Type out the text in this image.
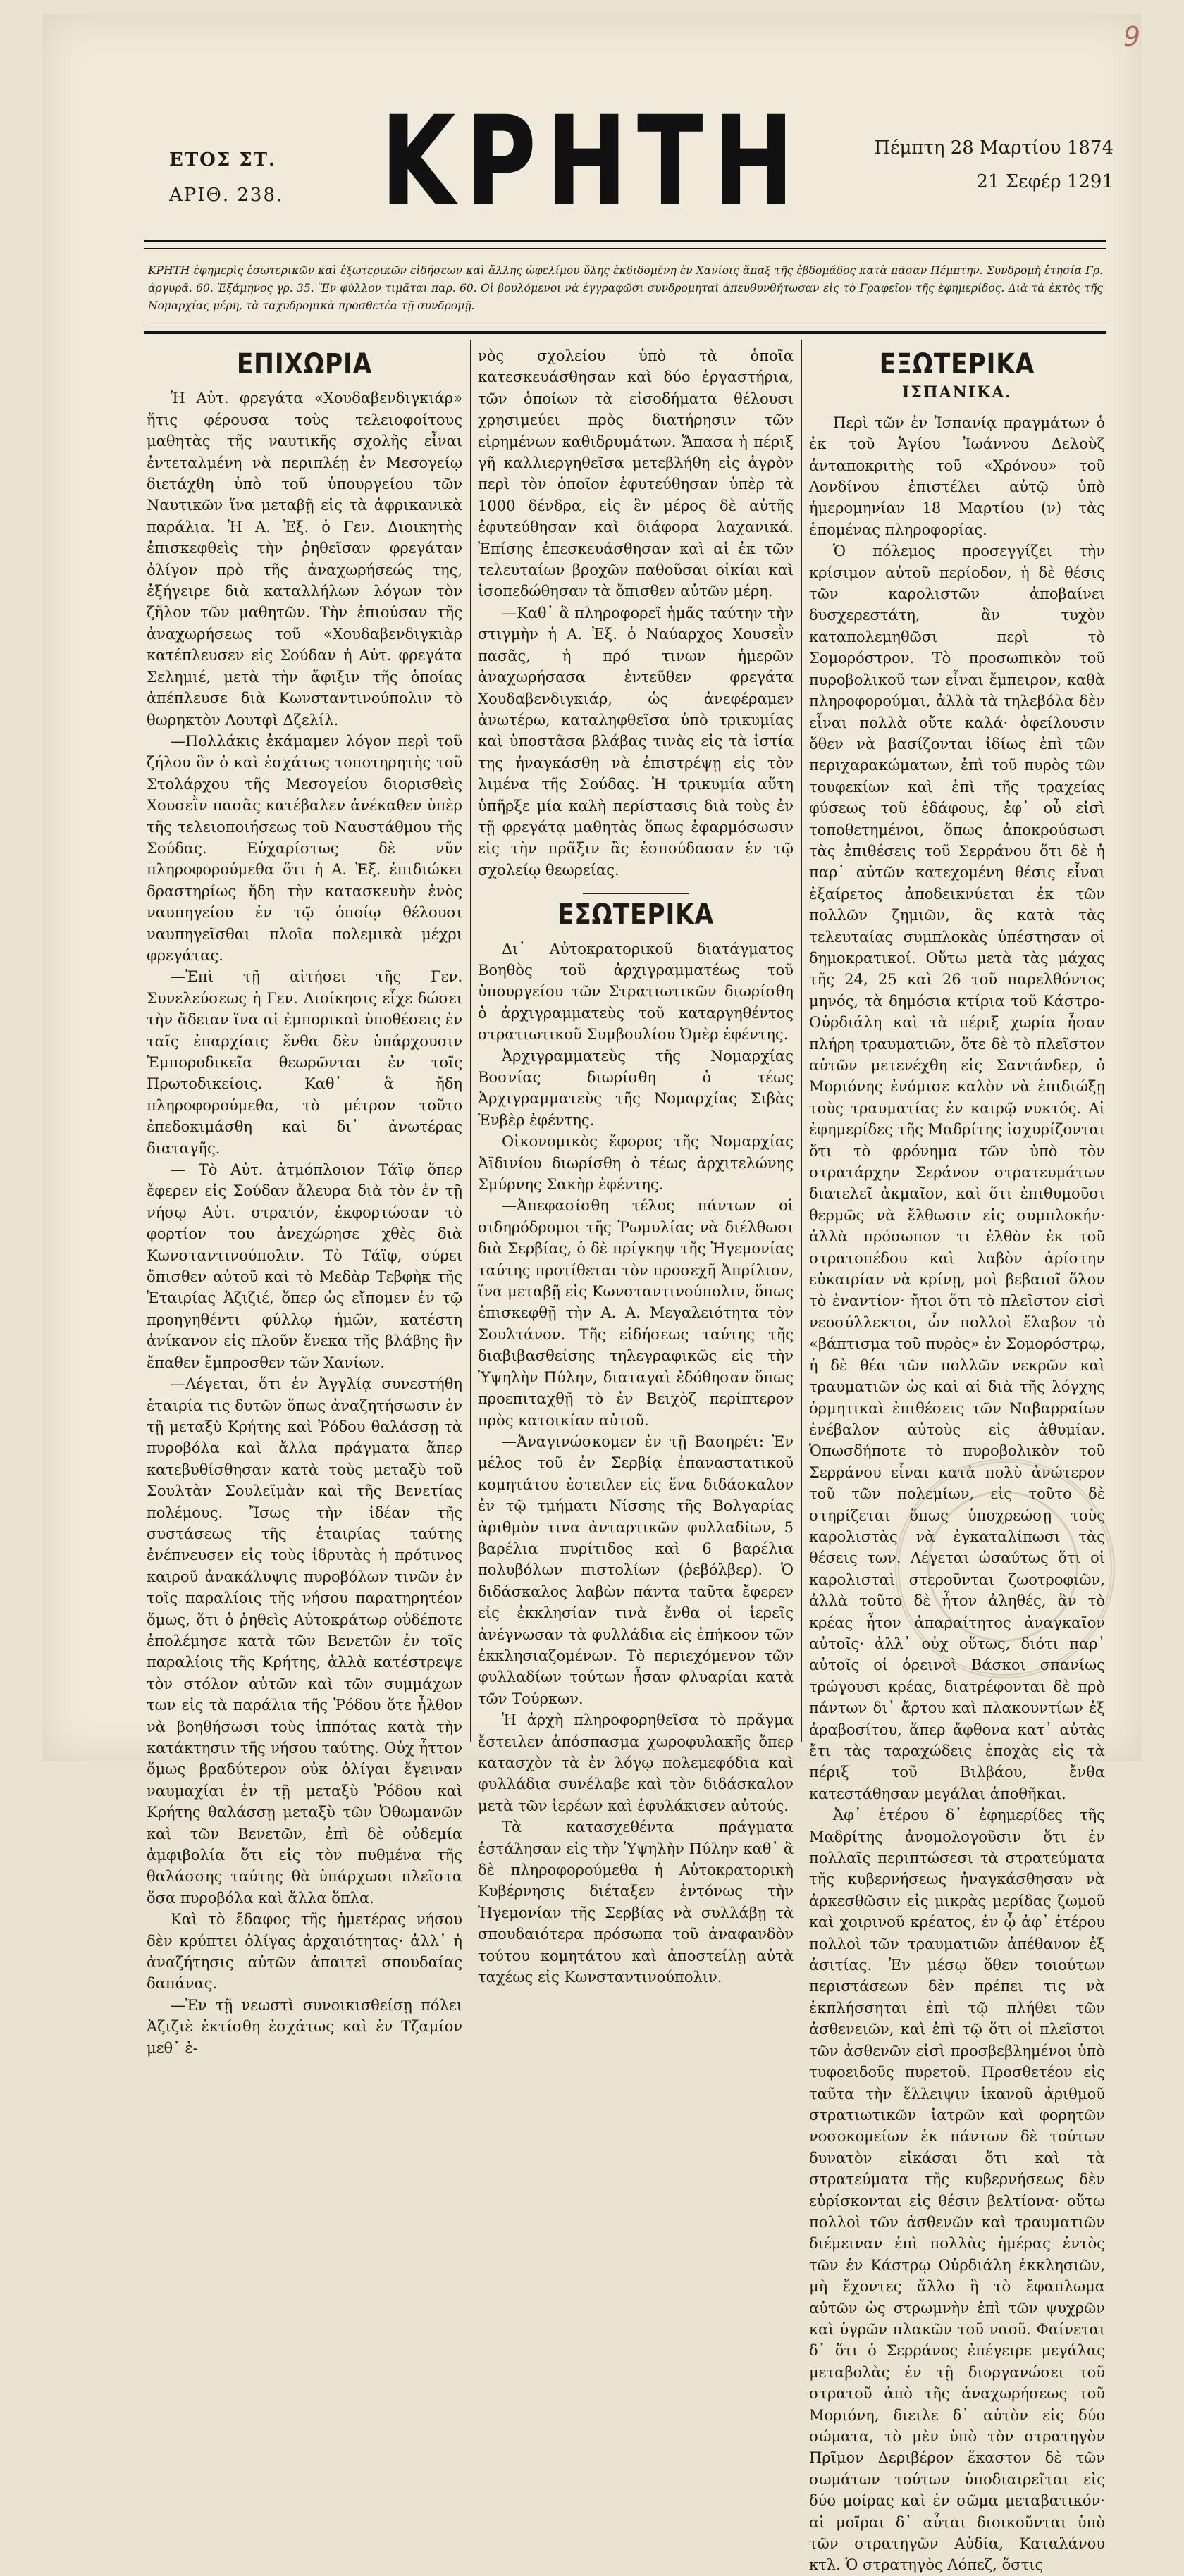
9
ΕΤΟΣ ΣΤ.
ΑΡΙΘ. 238. ΚΡΗΤΗ	Πέμπτη 28 Μαρτίου 1874
21 Σεφέρ 1291
ΚΡΗΤΗ ἐφημερὶς ἐσωτερικῶν καὶ ἐξωτερικῶν εἰδήσεων καὶ ἄλλης ὠφελίμου ὕλης ἐκδιδομένη ἐν Χανίοις ἅπαξ τῆς ἑβδομάδος κατὰ πᾶσαν Πέμπτην. Συνδρομὴ ἐτησία Γρ. ἀργυρᾶ. 60. Ἐξάμηνος γρ. 35. Ἓν φύλλον τιμᾶται παρ. 60. Οἱ βουλόμενοι νὰ ἐγγραφῶσι συνδρομηταὶ ἀπευθυνθήτωσαν εἰς τὸ Γραφεῖον τῆς ἐφημερίδος. Διὰ τὰ ἐκτὸς τῆς Νομαρχίας μέρη, τὰ ταχυδρομικὰ προσθετέα τῇ συνδρομῇ.
ΕΠΙΧΩΡΙΑ

Ἡ Αὐτ. φρεγάτα «Χουδαβενδιγκιάρ» ἥτις φέρουσα τοὺς τελειοφοίτους μαθητὰς τῆς ναυτικῆς σχολῆς εἶναι ἐντεταλμένη νὰ περιπλέῃ ἐν Μεσογείῳ διετάχθη ὑπὸ τοῦ ὑπουργείου τῶν Ναυτικῶν ἵνα μεταβῇ εἰς τὰ ἀφρικανικὰ παράλια. Ἡ Α. Ἐξ. ὁ Γεν. Διοικητὴς ἐπισκεφθεὶς τὴν ῥηθεῖσαν φρεγάταν ὀλίγον πρὸ τῆς ἀναχωρήσεώς της, ἐξήγειρε διὰ καταλλήλων λόγων τὸν ζῆλον τῶν μαθητῶν. Τὴν ἐπιούσαν τῆς ἀναχωρήσεως τοῦ «Χουδαβενδιγκιὰρ κατέπλευσεν εἰς Σούδαν ἡ Αὐτ. φρεγάτα Σελημιέ, μετὰ τὴν ἄφιξιν τῆς ὁποίας ἀπέπλευσε διὰ Κωνσταντινούπολιν τὸ θωρηκτὸν Λουτφὶ Δζελίλ.

—Πολλάκις ἐκάμαμεν λόγον περὶ τοῦ ζήλου ὃν ὁ καὶ ἐσχάτως τοποτηρητὴς τοῦ Στολάρχου τῆς Μεσογείου διορισθεὶς Χουσεῒν πασᾶς κατέβαλεν ἀνέκαθεν ὑπὲρ τῆς τελειοποιήσεως τοῦ Ναυστάθμου τῆς Σούδας. Εὐχαρίστως δὲ νῦν πληροφορούμεθα ὅτι ἡ Α. Ἐξ. ἐπιδιώκει δραστηρίως ἤδη τὴν κατασκευὴν ἑνὸς ναυπηγείου ἐν τῷ ὁποίῳ θέλουσι ναυπηγεῖσθαι πλοῖα πολεμικὰ μέχρι φρεγάτας.

—Ἐπὶ τῇ αἰτήσει τῆς Γεν. Συνελεύσεως ἡ Γεν. Διοίκησις εἶχε δώσει τὴν ἄδειαν ἵνα αἱ ἐμπορικαὶ ὑποθέσεις ἐν ταῖς ἐπαρχίαις ἔνθα δὲν ὑπάρχουσιν Ἐμποροδικεῖα θεωρῶνται ἐν τοῖς Πρωτοδικείοις. Καθ᾽ ἃ ἤδη πληροφορούμεθα, τὸ μέτρον τοῦτο ἐπεδοκιμάσθη καὶ δι᾽ ἀνωτέρας διαταγῆς.

— Τὸ Αὐτ. ἀτμόπλοιον Τάϊφ ὅπερ ἔφερεν εἰς Σούδαν ἄλευρα διὰ τὸν ἐν τῇ νήσῳ Αὐτ. στρατόν, ἐκφορτώσαν τὸ φορτίον του ἀνεχώρησε χθὲς διὰ Κωνσταντινούπολιν. Τὸ Τάϊφ, σύρει ὄπισθεν αὐτοῦ καὶ τὸ Μεδὰρ Τεβφὴκ τῆς Ἑταιρίας Ἀζιζιέ, ὅπερ ὡς εἴπομεν ἐν τῷ προηγηθέντι φύλλῳ ἡμῶν, κατέστη ἀνίκανον εἰς πλοῦν ἕνεκα τῆς βλάβης ἣν ἔπαθεν ἔμπροσθεν τῶν Χανίων.

—Λέγεται, ὅτι ἐν Ἀγγλίᾳ συνεστήθη ἑταιρία τις δυτῶν ὅπως ἀναζητήσωσιν ἐν τῇ μεταξὺ Κρήτης καὶ Ῥόδου θαλάσσῃ τὰ πυροβόλα καὶ ἄλλα πράγματα ἅπερ κατεβυθίσθησαν κατὰ τοὺς μεταξὺ τοῦ Σουλτὰν Σουλεϊμὰν καὶ τῆς Βενετίας πολέμους. Ἴσως τὴν ἰδέαν τῆς συστάσεως τῆς ἑταιρίας ταύτης ἐνέπνευσεν εἰς τοὺς ἱδρυτὰς ἡ πρότινος καιροῦ ἀνακάλυψις πυροβόλων τινῶν ἐν τοῖς παραλίοις τῆς νήσου παρατηρητέον ὅμως, ὅτι ὁ ῥηθεὶς Αὐτοκράτωρ οὐδέποτε ἐπολέμησε κατὰ τῶν Βενετῶν ἐν τοῖς παραλίοις τῆς Κρήτης, ἀλλὰ κατέστρεψε τὸν στόλον αὐτῶν καὶ τῶν συμμάχων των εἰς τὰ παράλια τῆς Ῥόδου ὅτε ἦλθον νὰ βοηθήσωσι τοὺς ἱππότας κατὰ τὴν κατάκτησιν τῆς νήσου ταύτης. Οὐχ ἧττον ὅμως βραδύτερον οὐκ ὀλίγαι ἔγειναν ναυμαχίαι ἐν τῇ μεταξὺ Ῥόδου καὶ Κρήτης θαλάσσῃ μεταξὺ τῶν Ὀθωμανῶν καὶ τῶν Βενετῶν, ἐπὶ δὲ οὐδεμία ἀμφιβολία ὅτι εἰς τὸν πυθμένα τῆς θαλάσσης ταύτης θὰ ὑπάρχωσι πλεῖστα ὅσα πυροβόλα καὶ ἄλλα ὅπλα.

Καὶ τὸ ἔδαφος τῆς ἡμετέρας νήσου δὲν κρύπτει ὀλίγας ἀρχαιότητας· ἀλλ᾽ ἡ ἀναζήτησις αὐτῶν ἀπαιτεῖ σπουδαίας δαπάνας.

—Ἐν τῇ νεωστὶ συνοικισθείσῃ πόλει Ἀζιζιὲ ἐκτίσθη ἐσχάτως καὶ ἐν Τζαμίον μεθ᾽ ἑ-

νὸς σχολείου ὑπὸ τὰ ὁποῖα κατεσκευάσθησαν καὶ δύο ἐργαστήρια, τῶν ὁποίων τὰ εἰσοδήματα θέλουσι χρησιμεύει πρὸς διατήρησιν τῶν εἰρημένων καθιδρυμάτων. Ἅπασα ἡ πέριξ γῆ καλλιεργηθεῖσα μετεβλήθη εἰς ἀγρὸν περὶ τὸν ὁποῖον ἐφυτεύθησαν ὑπὲρ τὰ 1000 δένδρα, εἰς ἓν μέρος δὲ αὐτῆς ἐφυτεύθησαν καὶ διάφορα λαχανικά. Ἐπίσης ἐπεσκευάσθησαν καὶ αἱ ἐκ τῶν τελευταίων βροχῶν παθοῦσαι οἰκίαι καὶ ἰσοπεδώθησαν τὰ ὄπισθεν αὐτῶν μέρη.

—Καθ᾽ ἃ πληροφορεῖ ἡμᾶς ταύτην τὴν στιγμὴν ἡ Α. Ἐξ. ὁ Ναύαρχος Χουσεῒν πασᾶς, ἡ πρό τινων ἡμερῶν ἀναχωρήσασα ἐντεῦθεν φρεγάτα Χουδαβενδιγκιάρ, ὡς ἀνεφέραμεν ἀνωτέρω, καταληφθεῖσα ὑπὸ τρικυμίας καὶ ὑποστᾶσα βλάβας τινὰς εἰς τὰ ἱστία της ἠναγκάσθη νὰ ἐπιστρέψῃ εἰς τὸν λιμένα τῆς Σούδας. Ἡ τρικυμία αὕτη ὑπῆρξε μία καλὴ περίστασις διὰ τοὺς ἐν τῇ φρεγάτᾳ μαθητὰς ὅπως ἐφαρμόσωσιν εἰς τὴν πρᾶξιν ἃς ἐσπούδασαν ἐν τῷ σχολείῳ θεωρείας.

ΕΣΩΤΕΡΙΚΑ

Δι᾽ Αὐτοκρατορικοῦ διατάγματος Βοηθὸς τοῦ ἀρχιγραμματέως τοῦ ὑπουργείου τῶν Στρατιωτικῶν διωρίσθη ὁ ἀρχιγραμματεὺς τοῦ καταργηθέντος στρατιωτικοῦ Συμβουλίου Ὀμὲρ ἐφέντης.

Ἀρχιγραμματεὺς τῆς Νομαρχίας Βοσνίας διωρίσθη ὁ τέως Ἀρχιγραμματεὺς τῆς Νομαρχίας Σιβὰς Ἐνβὲρ ἐφέντης.

Οἰκονομικὸς ἔφορος τῆς Νομαρχίας Ἀϊδινίου διωρίσθη ὁ τέως ἀρχιτελώνης Σμύρνης Σακὴρ ἐφέντης.

—Ἀπεφασίσθη τέλος πάντων οἱ σιδηρόδρομοι τῆς Ῥωμυλίας νὰ διέλθωσι διὰ Σερβίας, ὁ δὲ πρίγκηψ τῆς Ἡγεμονίας ταύτης προτίθεται τὸν προσεχῆ Ἀπρίλιον, ἵνα μεταβῇ εἰς Κωνσταντινούπολιν, ὅπως ἐπισκεφθῇ τὴν Α. Α. Μεγαλειότητα τὸν Σουλτάνον. Τῆς εἰδήσεως ταύτης τῆς διαβιβασθείσης τηλεγραφικῶς εἰς τὴν Ὑψηλὴν Πύλην, διαταγαὶ ἐδόθησαν ὅπως προεπιταχθῇ τὸ ἐν Βειχὸζ περίπτερον πρὸς κατοικίαν αὐτοῦ.

—Ἀναγινώσκομεν ἐν τῇ Βασηρέτ: Ἐν μέλος τοῦ ἐν Σερβίᾳ ἐπαναστατικοῦ κομητάτου ἐστειλεν εἰς ἕνα διδάσκαλον ἐν τῷ τμήματι Νίσσης τῆς Βολγαρίας ἀριθμὸν τινα ἀνταρτικῶν φυλλαδίων, 5 βαρέλια πυρίτιδος καὶ 6 βαρέλια πολυβόλων πιστολίων (ῥεβόλβερ). Ὁ διδάσκαλος λαβὼν πάντα ταῦτα ἔφερεν εἰς ἐκκλησίαν τινὰ ἔνθα οἱ ἱερεῖς ἀνέγνωσαν τὰ φυλλάδια εἰς ἐπήκοον τῶν ἐκκλησιαζομένων. Τὸ περιεχόμενον τῶν φυλλαδίων τούτων ἦσαν φλυαρίαι κατὰ τῶν Τούρκων.

Ἡ ἀρχὴ πληροφορηθεῖσα τὸ πρᾶγμα ἔστειλεν ἀπόσπασμα χωροφυλακῆς ὅπερ κατασχὸν τὰ ἐν λόγῳ πολεμεφόδια καὶ φυλλάδια συνέλαβε καὶ τὸν διδάσκαλον μετὰ τῶν ἱερέων καὶ ἐφυλάκισεν αὐτούς.

Τὰ κατασχεθέντα πράγματα ἐστάλησαν εἰς τὴν Ὑψηλὴν Πύλην καθ᾽ ἃ δὲ πληροφορούμεθα ἡ Αὐτοκρατορικὴ Κυβέρνησις διέταξεν ἐντόνως τὴν Ἡγεμονίαν τῆς Σερβίας νὰ συλλάβῃ τὰ σπουδαιότερα πρόσωπα τοῦ ἀναφανδὸν τούτου κομητάτου καὶ ἀποστείλῃ αὐτὰ ταχέως εἰς Κωνσταντινούπολιν.

ΕΞΩΤΕΡΙΚΑ
ΙΣΠΑΝΙΚΑ.

Περὶ τῶν ἐν Ἰσπανίᾳ πραγμάτων ὁ ἐκ τοῦ Ἁγίου Ἰωάννου Δελοὺζ ἀνταποκριτὴς τοῦ «Χρόνου» τοῦ Λονδίνου ἐπιστέλει αὐτῷ ὑπὸ ἡμερομηνίαν 18 Μαρτίου (ν) τὰς ἑπομένας πληροφορίας.

Ὁ πόλεμος προσεγγίζει τὴν κρίσιμον αὐτοῦ περίοδον, ἡ δὲ θέσις τῶν καρολιστῶν ἀποβαίνει δυσχερεστάτη, ἂν τυχὸν καταπολεμηθῶσι περὶ τὸ Σομορόστρον. Τὸ προσωπικὸν τοῦ πυροβολικοῦ των εἶναι ἔμπειρον, καθὰ πληροφορούμαι, ἀλλὰ τὰ τηλεβόλα δὲν εἶναι πολλὰ οὔτε καλά· ὀφείλουσιν ὅθεν νὰ βασίζονται ἰδίως ἐπὶ τῶν περιχαρακώματων, ἐπὶ τοῦ πυρὸς τῶν τουφεκίων καὶ ἐπὶ τῆς τραχείας φύσεως τοῦ ἐδάφους, ἐφ᾽ οὗ εἰσὶ τοποθετημένοι, ὅπως ἀποκρούσωσι τὰς ἐπιθέσεις τοῦ Σερράνου ὅτι δὲ ἡ παρ᾽ αὐτῶν κατεχομένη θέσις εἶναι ἐξαίρετος ἀποδεικνύεται ἐκ τῶν πολλῶν ζημιῶν, ἃς κατὰ τὰς τελευταίας συμπλοκὰς ὑπέστησαν οἱ δημοκρατικοί. Οὕτω μετὰ τὰς μάχας τῆς 24, 25 καὶ 26 τοῦ παρελθόντος μηνός, τὰ δημόσια κτίρια τοῦ Κάστρο-Οὐρδιάλη καὶ τὰ πέριξ χωρία ἦσαν πλήρη τραυματιῶν, ὅτε δὲ τὸ πλεῖστον αὐτῶν μετενέχθη εἰς Σαντάνδερ, ὁ Μοριόνης ἐνόμισε καλὸν νὰ ἐπιδιώξῃ τοὺς τραυματίας ἐν καιρῷ νυκτός. Αἱ ἐφημερίδες τῆς Μαδρίτης ἰσχυρίζονται ὅτι τὸ φρόνημα τῶν ὑπὸ τὸν στρατάρχην Σεράνον στρατευμάτων διατελεῖ ἀκμαῖον, καὶ ὅτι ἐπιθυμοῦσι θερμῶς νὰ ἔλθωσιν εἰς συμπλοκήν· ἀλλὰ πρόσωπον τι ἐλθὸν ἐκ τοῦ στρατοπέδου καὶ λαβὸν ἀρίστην εὐκαιρίαν νὰ κρίνῃ, μοὶ βεβαιοῖ ὅλον τὸ ἐναντίον· ἤτοι ὅτι τὸ πλεῖστον εἰσὶ νεοσύλλεκτοι, ὧν πολλοὶ ἔλαβον τὸ «βάπτισμα τοῦ πυρὸς» ἐν Σομορόστρῳ, ἡ δὲ θέα τῶν πολλῶν νεκρῶν καὶ τραυματιῶν ὡς καὶ αἱ διὰ τῆς λόγχης ὁρμητικαὶ ἐπιθέσεις τῶν Ναβαρραίων ἐνέβαλον αὐτοὺς εἰς ἀθυμίαν. Ὁπωσδήποτε τὸ πυροβολικὸν τοῦ Σερράνου εἶναι κατὰ πολὺ ἀνώτερον τοῦ τῶν πολεμίων, εἰς τοῦτο δὲ στηρίζεται ὅπως ὑποχρεώσῃ τοὺς καρολιστὰς νὰ ἐγκαταλίπωσι τὰς θέσεις των. Λέγεται ὡσαύτως ὅτι οἱ καρολισταὶ στεροῦνται ζωοτροφιῶν, ἀλλὰ τοῦτο δὲ ἦτον ἀληθές, ἂν τὸ κρέας ἦτον ἀπαραίτητος ἀναγκαῖον αὐτοῖς· ἀλλ᾽ οὐχ οὕτως, διότι παρ᾽ αὐτοῖς οἱ ὀρεινοὶ Βάσκοι σπανίως τρώγουσι κρέας, διατρέφονται δὲ πρὸ πάντων δι᾽ ἄρτου καὶ πλακουντίων ἐξ ἀραβοσίτου, ἅπερ ἄφθονα κατ᾽ αὐτὰς ἔτι τὰς ταραχώδεις ἐποχὰς εἰς τὰ πέριξ τοῦ Βιλβάου, ἔνθα κατεστάθησαν μεγάλαι ἀποθῆκαι.

Ἀφ᾽ ἑτέρου δ᾽ ἐφημερίδες τῆς Μαδρίτης ἀνομολογοῦσιν ὅτι ἐν πολλαῖς περιπτώσεσι τὰ στρατεύματα τῆς κυβερνήσεως ἠναγκάσθησαν νὰ ἀρκεσθῶσιν εἰς μικρὰς μερίδας ζωμοῦ καὶ χοιρινοῦ κρέατος, ἐν ᾧ ἀφ᾽ ἑτέρου πολλοὶ τῶν τραυματιῶν ἀπέθανον ἐξ ἀσιτίας. Ἐν μέσῳ ὅθεν τοιούτων περιστάσεων δὲν πρέπει τις νὰ ἐκπλήσσηται ἐπὶ τῷ πλήθει τῶν ἀσθενειῶν, καὶ ἐπὶ τῷ ὅτι οἱ πλεῖστοι τῶν ἀσθενῶν εἰσὶ προσβεβλημένοι ὑπὸ τυφοειδοῦς πυρετοῦ. Προσθετέον εἰς ταῦτα τὴν ἔλλειψιν ἱκανοῦ ἀριθμοῦ στρατιωτικῶν ἰατρῶν καὶ φορητῶν νοσοκομείων ἐκ πάντων δὲ τούτων δυνατὸν εἰκάσαι ὅτι καὶ τὰ στρατεύματα τῆς κυβερνήσεως δὲν εὑρίσκονται εἰς θέσιν βελτίονα· οὕτω πολλοὶ τῶν ἀσθενῶν καὶ τραυματιῶν διέμειναν ἐπὶ πολλὰς ἡμέρας ἐντὸς τῶν ἐν Κάστρῳ Οὐρδιάλη ἐκκλησιῶν, μὴ ἔχοντες ἄλλο ἢ τὸ ἔφαπλωμα αὐτῶν ὡς στρωμνὴν ἐπὶ τῶν ψυχρῶν καὶ ὑγρῶν πλακῶν τοῦ ναοῦ. Φαίνεται δ᾽ ὅτι ὁ Σερράνος ἐπέγειρε μεγάλας μεταβολὰς ἐν τῇ διοργανώσει τοῦ στρατοῦ ἀπὸ τῆς ἀναχωρήσεως τοῦ Μοριόνη, διειλε δ᾽ αὐτὸν εἰς δύο σώματα, τὸ μὲν ὑπὸ τὸν στρατηγὸν Πρῖμον Δεριβέρον ἕκαστον δὲ τῶν σωμάτων τούτων ὑποδιαιρεῖται εἰς δύο μοίρας καὶ ἐν σῶμα μεταβατικόν· αἱ μοῖραι δ᾽ αὗται διοικοῦνται ὑπὸ τῶν στρατηγῶν Αὐδία, Καταλάνου κτλ. Ὁ στρατηγὸς Λόπεζ, ὅστις
